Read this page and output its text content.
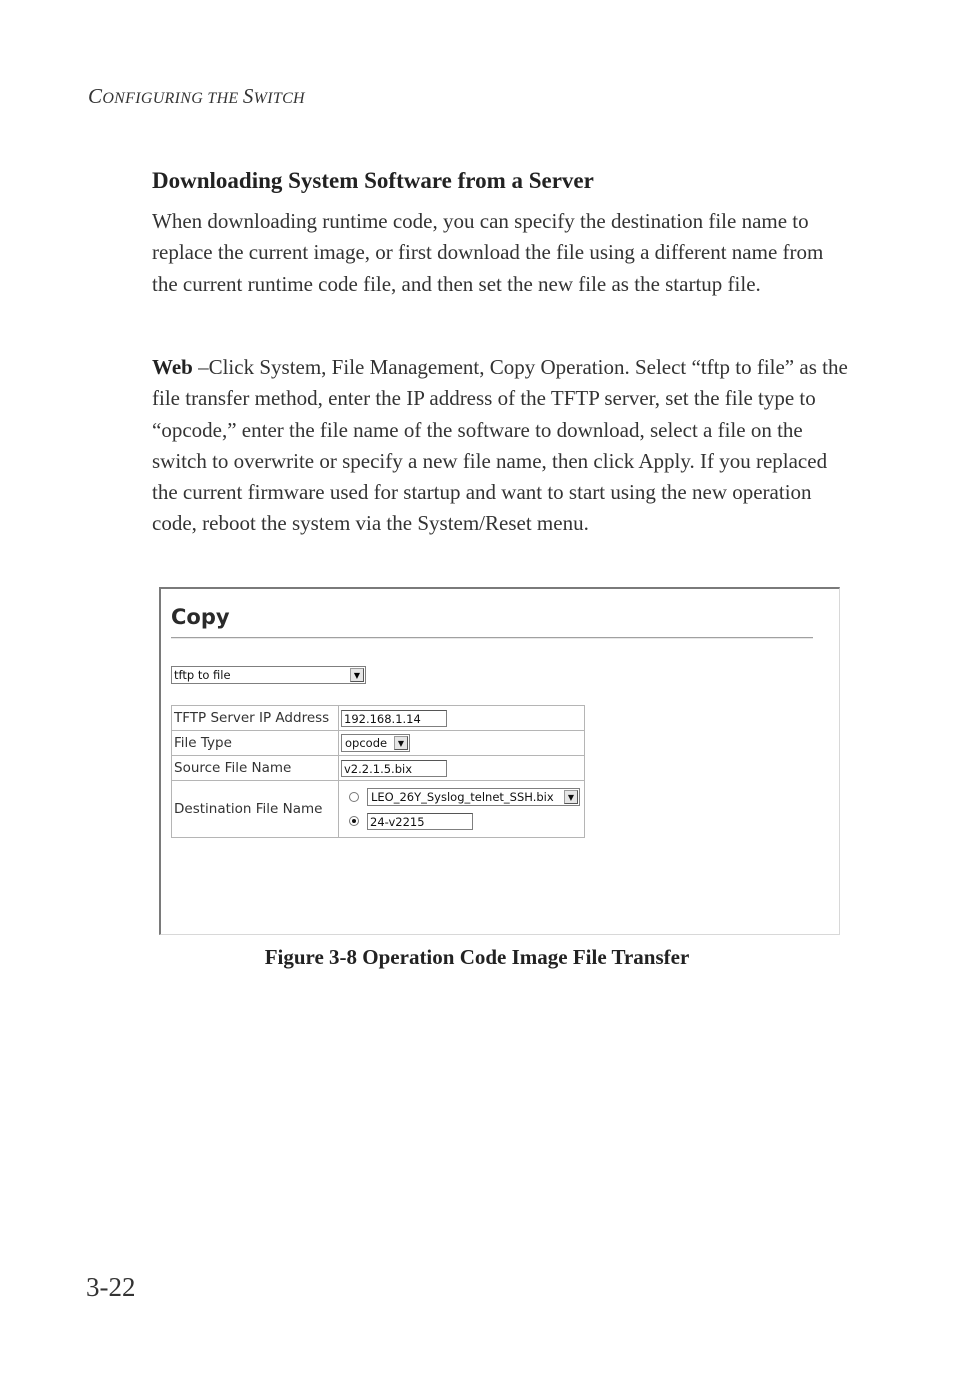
CONFIGURING THE SWITCH
Downloading System Software from a Server
When downloading runtime code, you can specify the destination file name to replace the current image, or first download the file using a different name from the current runtime code file, and then set the new file as the startup file.
Web –Click System, File Management, Copy Operation. Select “tftp to file” as the file transfer method, enter the IP address of the TFTP server, set the file type to “opcode,” enter the file name of the software to download, select a file on the switch to overwrite or specify a new file name, then click Apply. If you replaced the current firmware used for startup and want to start using the new operation code, reboot the system via the System/Reset menu.
Copy
tftp to file	▼
TFTP Server IP Address	192.168.1.14
File Type	opcode ▼

Source File Name	v2.2.1.5.bix
Destination File Name	LEO_26Y_Syslog_telnet_SSH.bix ▼
24-v2215
Figure 3-8 Operation Code Image File Transfer
3-22
